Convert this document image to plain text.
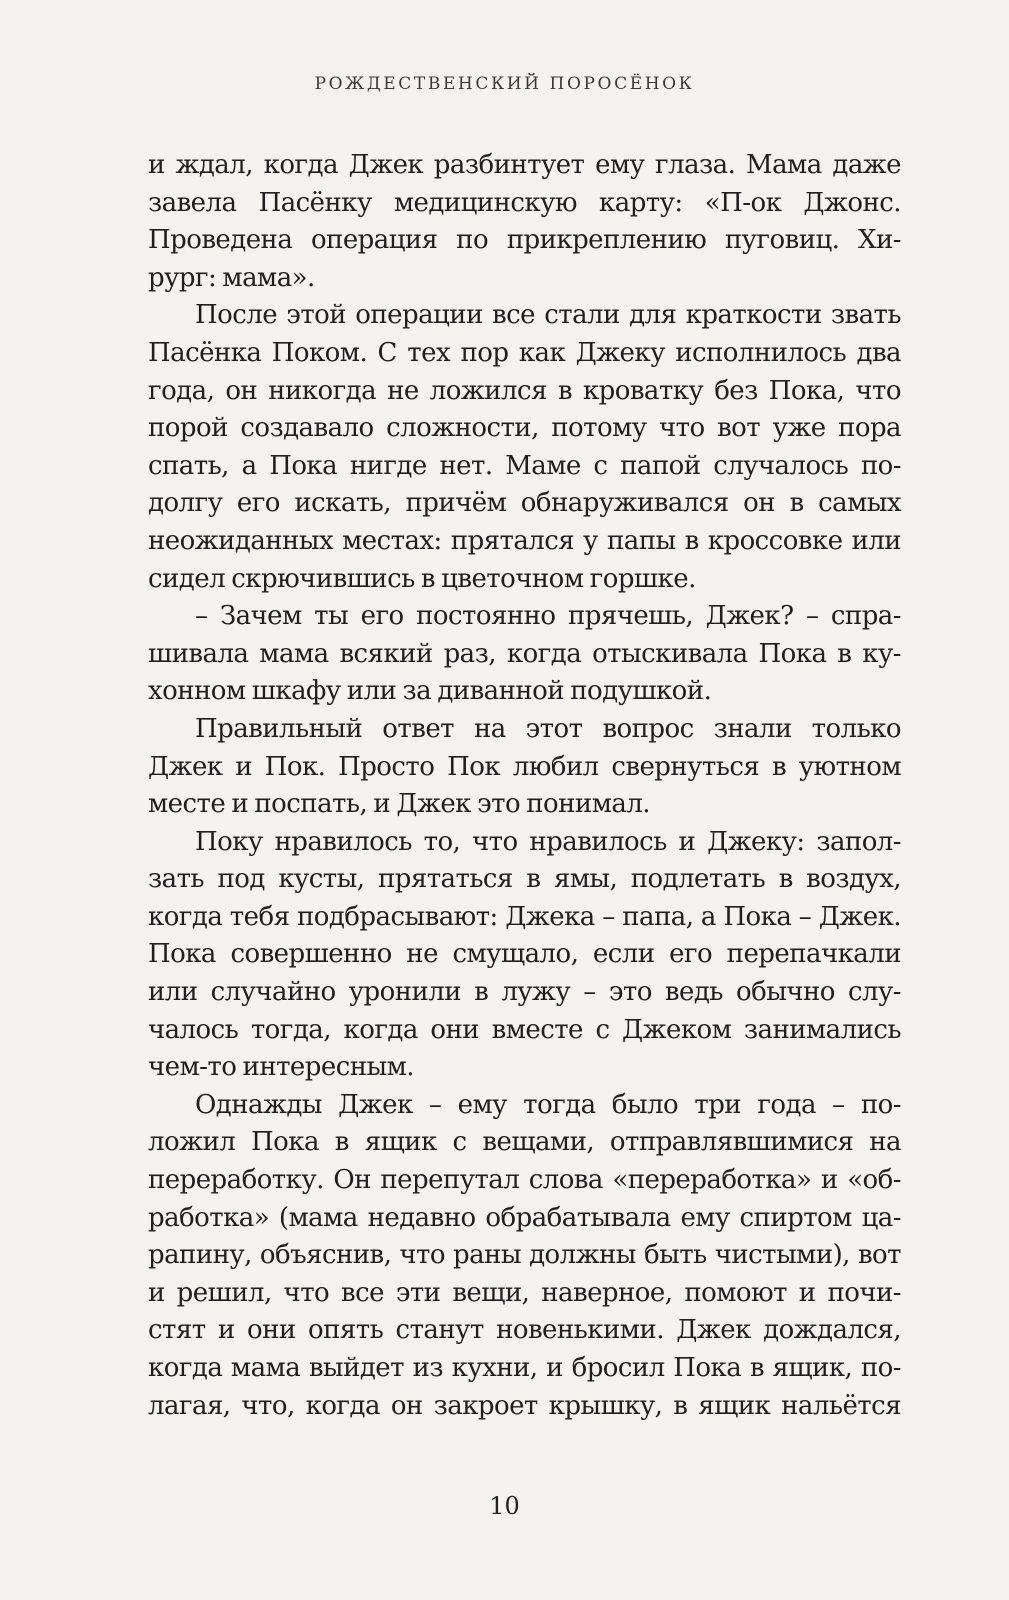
РОЖДЕСТВЕНСКИЙ ПОРОСЁНОК
и ждал, когда Джек разбинтует ему глаза. Мама даже
завела Пасёнку медицинскую карту: «П-ок Джонс.
Проведена операция по прикреплению пуговиц. Хи-
рург: мама».
После этой операции все стали для краткости звать
Пасёнка Поком. С тех пор как Джеку исполнилось два
года, он никогда не ложился в кроватку без Пока, что
порой создавало сложности, потому что вот уже пора
спать, а Пока нигде нет. Маме с папой случалось по-
долгу его искать, причём обнаруживался он в самых
неожиданных местах: прятался у папы в кроссовке или
сидел скрючившись в цветочном горшке.
– Зачем ты его постоянно прячешь, Джек? – спра-
шивала мама всякий раз, когда отыскивала Пока в ку-
хонном шкафу или за диванной подушкой.
Правильный ответ на этот вопрос знали только
Джек и Пок. Просто Пок любил свернуться в уютном
месте и поспать, и Джек это понимал.
Поку нравилось то, что нравилось и Джеку: запол-
зать под кусты, прятаться в ямы, подлетать в воздух,
когда тебя подбрасывают: Джека – папа, а Пока – Джек.
Пока совершенно не смущало, если его перепачкали
или случайно уронили в лужу – это ведь обычно слу-
чалось тогда, когда они вместе с Джеком занимались
чем-то интересным.
Однажды Джек – ему тогда было три года – по-
ложил Пока в ящик с вещами, отправлявшимися на
переработку. Он перепутал слова «переработка» и «об-
работка» (мама недавно обрабатывала ему спиртом ца-
рапину, объяснив, что раны должны быть чистыми), вот
и решил, что все эти вещи, наверное, помоют и почи-
стят и они опять станут новенькими. Джек дождался,
когда мама выйдет из кухни, и бросил Пока в ящик, по-
лагая, что, когда он закроет крышку, в ящик нальётся
10
